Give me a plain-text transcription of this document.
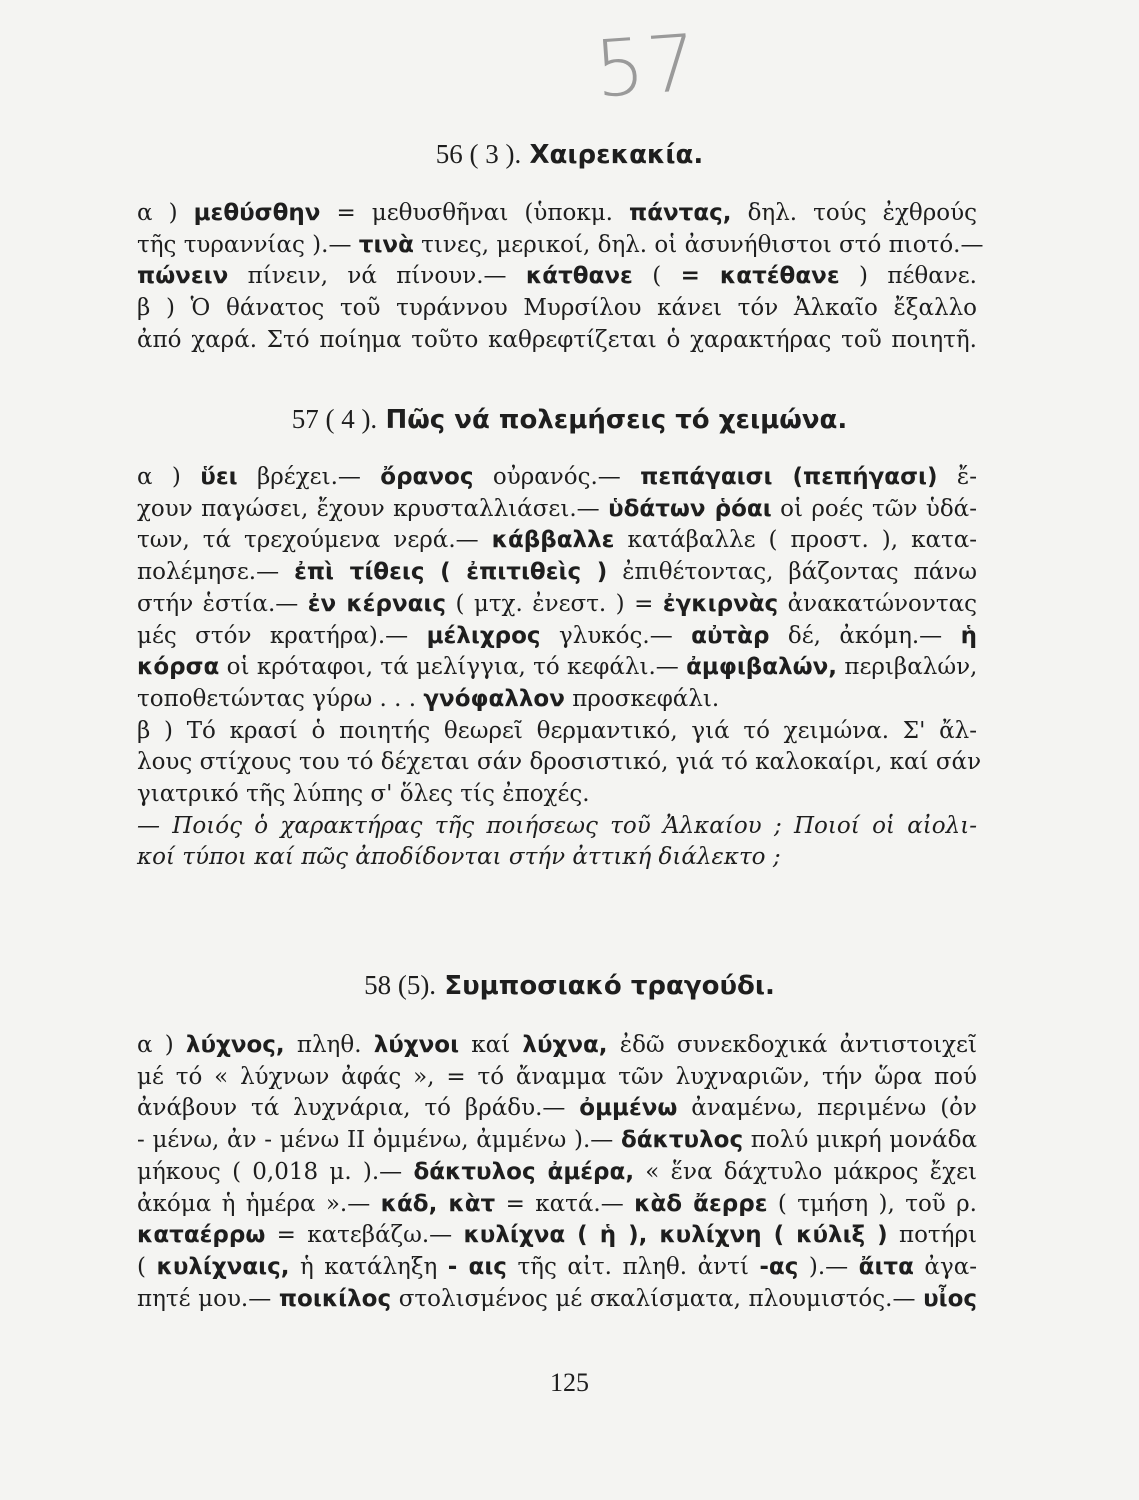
57
56 ( 3 ). Χαιρεκακία.
α ) μεθύσθην = μεθυσθῆναι (ὑποκμ. πάντας, δηλ. τούς ἐχθρούς
τῆς τυραννίας ).— τινὰ τινες, μερικοί, δηλ. οἱ ἀσυνήθιστοι στό πιοτό.—
πώνειν πίνειν, νά πίνουν.— κάτθανε ( = κατέθανε ) πέθανε.
β ) Ὁ θάνατος τοῦ τυράννου Μυρσίλου κάνει τόν Ἀλκαῖο ἔξαλλο
ἀπό χαρά. Στό ποίημα τοῦτο καθρεφτίζεται ὁ χαρακτήρας τοῦ ποιητῆ.
57 ( 4 ). Πῶς νά πολεμήσεις τό χειμώνα.
α ) ὕει βρέχει.— ὄρανος οὐρανός.— πεπάγαισι (πεπήγασι) ἔ-
χουν παγώσει, ἔχουν κρυσταλλιάσει.— ὑδάτων ῥόαι οἱ ροές τῶν ὑδά-
των, τά τρεχούμενα νερά.— κάββαλλε κατάβαλλε ( προστ. ), κατα-
πολέμησε.— ἐπὶ τίθεις ( ἐπιτιθεὶς ) ἐπιθέτοντας, βάζοντας πάνω
στήν ἑστία.— ἐν κέρναις ( μτχ. ἐνεστ. ) = ἐγκιρνὰς ἀνακατώνοντας
μές στόν κρατήρα).— μέλιχρος γλυκός.— αὐτὰρ δέ, ἀκόμη.— ἡ
κόρσα οἱ κρόταφοι, τά μελίγγια, τό κεφάλι.— ἀμφιβαλών, περιβαλών,
τοποθετώντας γύρω . . . γνόφαλλον προσκεφάλι.
β ) Τό κρασί ὁ ποιητής θεωρεῖ θερμαντικό, γιά τό χειμώνα. Σ' ἄλ-
λους στίχους του τό δέχεται σάν δροσιστικό, γιά τό καλοκαίρι, καί σάν
γιατρικό τῆς λύπης σ' ὅλες τίς ἐποχές.
— Ποιός ὁ χαρακτήρας τῆς ποιήσεως τοῦ Ἀλκαίου ; Ποιοί οἱ αἰολι-
κοί τύποι καί πῶς ἀποδίδονται στήν ἀττική διάλεκτο ;
58 (5). Συμποσιακό τραγούδι.
α ) λύχνος, πληθ. λύχνοι καί λύχνα, ἐδῶ συνεκδοχικά ἀντιστοιχεῖ
μέ τό « λύχνων ἀφάς », = τό ἄναμμα τῶν λυχναριῶν, τήν ὥρα πού
ἀνάβουν τά λυχνάρια, τό βράδυ.— ὀμμένω ἀναμένω, περιμένω (ὀν
- μένω, ἀν - μένω II ὀμμένω, ἀμμένω ).— δάκτυλος πολύ μικρή μονάδα
μήκους ( 0,018 μ. ).— δάκτυλος ἀμέρα, « ἕνα δάχτυλο μάκρος ἔχει
ἀκόμα ἡ ἡμέρα ».— κάδ, κὰτ = κατά.— κὰδ ἄερρε ( τμήση ), τοῦ ρ.
καταέρρω = κατεβάζω.— κυλίχνα ( ἡ ), κυλίχνη ( κύλιξ ) ποτήρι
( κυλίχναις, ἡ κατάληξη - αις τῆς αἰτ. πληθ. ἀντί -ας ).— ἄιτα ἀγα-
πητέ μου.— ποικίλος στολισμένος μέ σκαλίσματα, πλουμιστός.— υἶος
125
